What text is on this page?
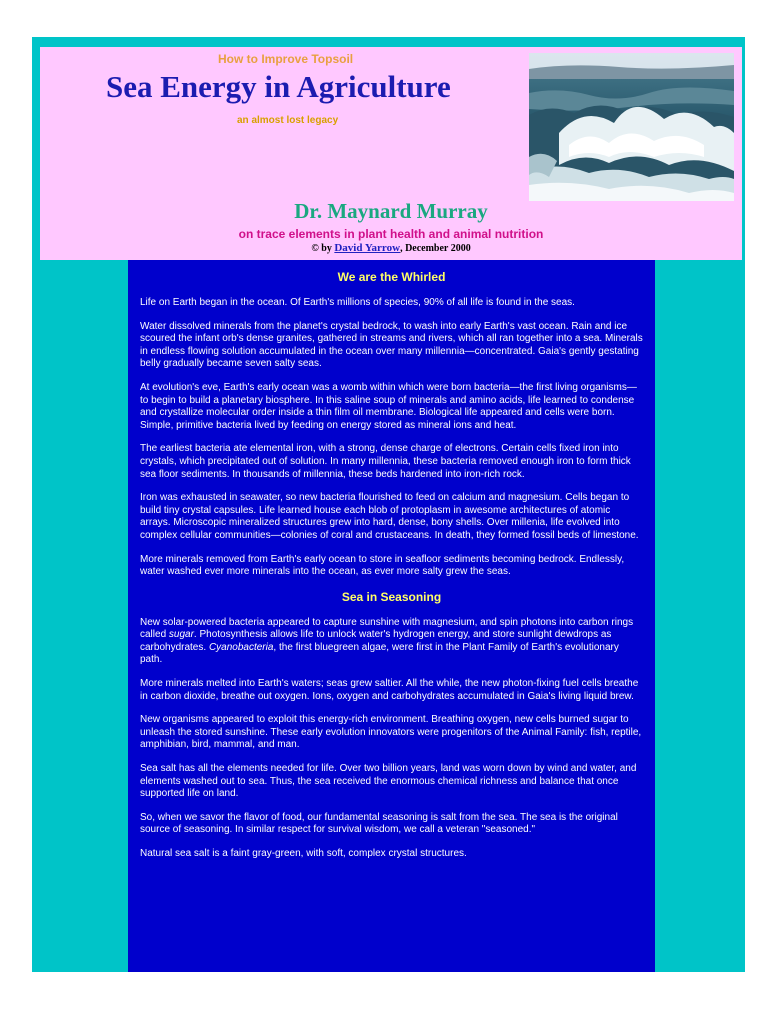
How to Improve Topsoil

Sea Energy in Agriculture

an almost lost legacy

Dr. Maynard Murray

on trace elements in plant health and animal nutrition

© by David Yarrow, December 2000

We are the Whirled

Life on Earth began in the ocean. Of Earth's millions of species, 90% of all life is found in the seas.

Water dissolved minerals from the planet's crystal bedrock, to wash into early Earth's vast ocean. Rain and ice scoured the infant orb's dense granites, gathered in streams and rivers, which all ran together into a sea. Minerals in endless flowing solution accumulated in the ocean over many millennia—concentrated. Gaia's gently gestating belly gradually became seven salty seas.

At evolution's eve, Earth's early ocean was a womb within which were born bacteria—the first living organisms—to begin to build a planetary biosphere. In this saline soup of minerals and amino acids, life learned to condense and crystallize molecular order inside a thin film oil membrane. Biological life appeared and cells were born. Simple, primitive bacteria lived by feeding on energy stored as mineral ions and heat.

The earliest bacteria ate elemental iron, with a strong, dense charge of electrons. Certain cells fixed iron into crystals, which precipitated out of solution. In many millennia, these bacteria removed enough iron to form thick sea floor sediments. In thousands of millennia, these beds hardened into iron-rich rock.

Iron was exhausted in seawater, so new bacteria flourished to feed on calcium and magnesium. Cells began to build tiny crystal capsules. Life learned house each blob of protoplasm in awesome architectures of atomic arrays. Microscopic mineralized structures grew into hard, dense, bony shells. Over millenia, life evolved into complex cellular communities—colonies of coral and crustaceans. In death, they formed fossil beds of limestone.

More minerals removed from Earth's early ocean to store in seafloor sediments becoming bedrock. Endlessly, water washed ever more minerals into the ocean, as ever more salty grew the seas.

Sea in Seasoning

New solar-powered bacteria appeared to capture sunshine with magnesium, and spin photons into carbon rings called sugar. Photosynthesis allows life to unlock water's hydrogen energy, and store sunlight dewdrops as carbohydrates. Cyanobacteria, the first bluegreen algae, were first in the Plant Family of Earth's evolutionary path.

More minerals melted into Earth's waters; seas grew saltier. All the while, the new photon-fixing fuel cells breathe in carbon dioxide, breathe out oxygen. Ions, oxygen and carbohydrates accumulated in Gaia's living liquid brew.

New organisms appeared to exploit this energy-rich environment. Breathing oxygen, new cells burned sugar to unleash the stored sunshine. These early evolution innovators were progenitors of the Animal Family: fish, reptile, amphibian, bird, mammal, and man.

Sea salt has all the elements needed for life. Over two billion years, land was worn down by wind and water, and elements washed out to sea. Thus, the sea received the enormous chemical richness and balance that once supported life on land.

So, when we savor the flavor of food, our fundamental seasoning is salt from the sea. The sea is the original source of seasoning. In similar respect for survival wisdom, we call a veteran "seasoned."

Natural sea salt is a faint gray-green, with soft, complex crystal structures.
